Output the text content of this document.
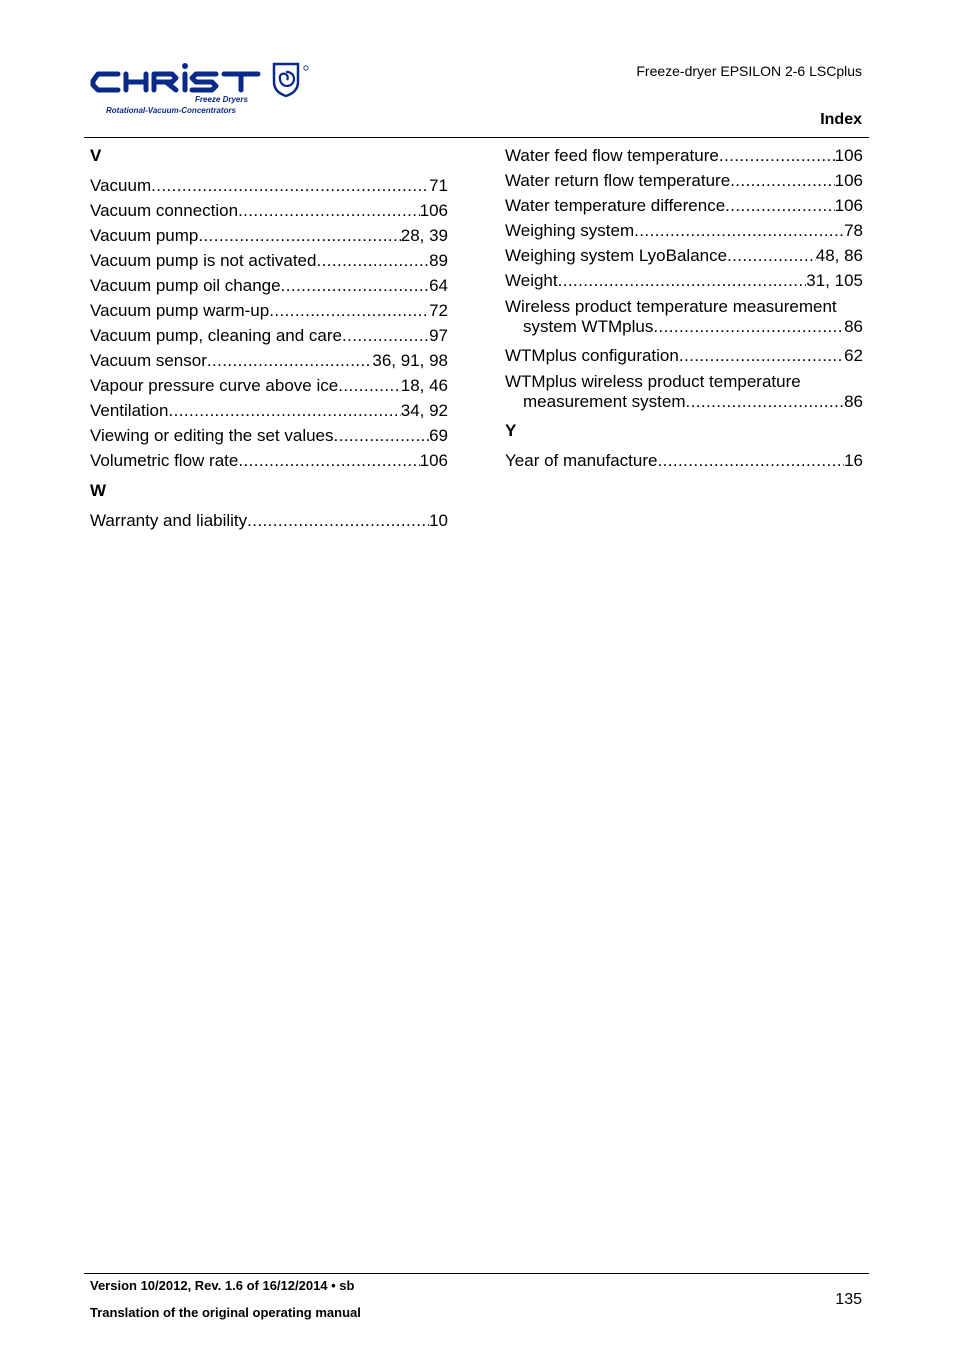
Freeze Dryers
Rotational-Vacuum-Concentrators
Freeze-dryer EPSILON 2-6 LSCplus
Index
V
Vacuum .....	71
Vacuum connection .....	106
Vacuum pump .....	28, 39
Vacuum pump is not activated .....	89
Vacuum pump oil change .....	64
Vacuum pump warm-up .....	72
Vacuum pump, cleaning and care .....	97
Vacuum sensor .....	36, 91, 98
Vapour pressure curve above ice .....	18, 46
Ventilation .....	34, 92
Viewing or editing the set values .....	69
Volumetric flow rate .....	106
W
Warranty and liability .....	10
Water feed flow temperature .....	106
Water return flow temperature .....	106
Water temperature difference .....	106
Weighing system .....	78
Weighing system LyoBalance .....	48, 86
Weight .....	31, 105
Wireless product temperature measurement
system WTMplus .....	86
WTMplus configuration .....	62
WTMplus wireless product temperature
measurement system .....	86
Y
Year of manufacture .....	16
Version 10/2012, Rev. 1.6 of 16/12/2014 • sb
Translation of the original operating manual
135
